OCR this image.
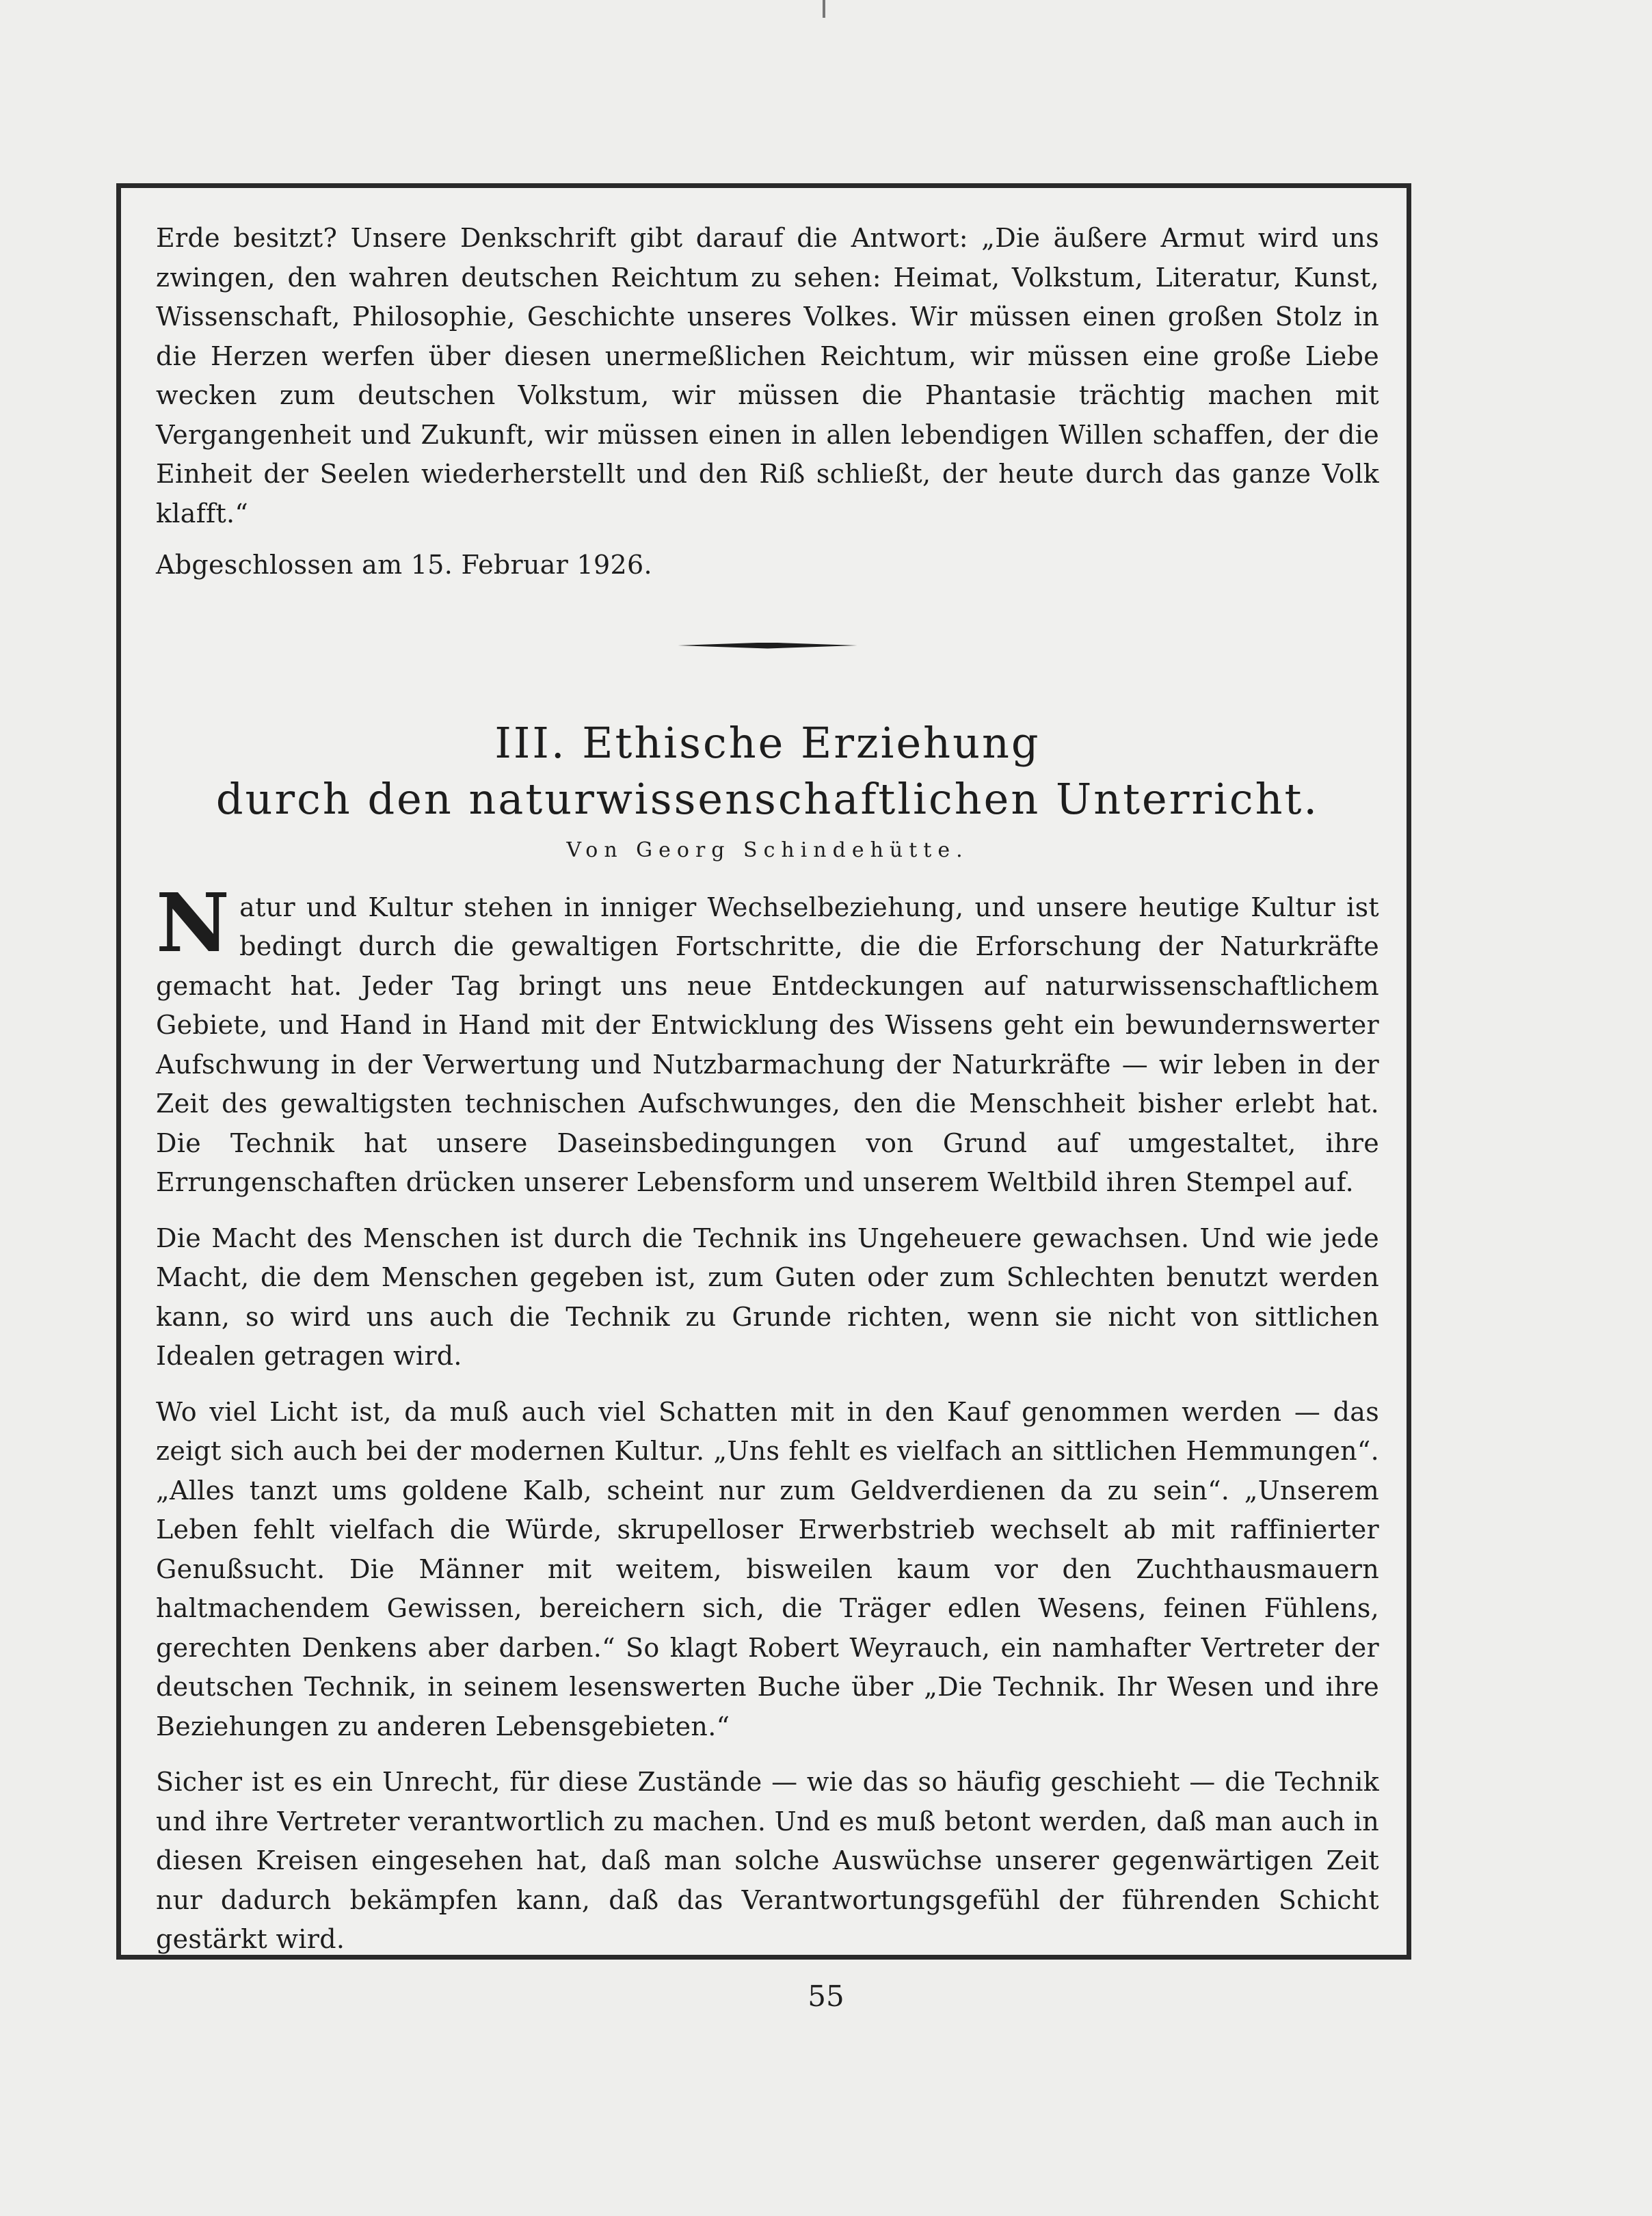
Erde besitzt? Unsere Denkschrift gibt darauf die Antwort: „Die äußere Armut wird uns zwingen, den wahren deutschen Reichtum zu sehen: Heimat, Volkstum, Literatur, Kunst, Wissenschaft, Philosophie, Geschichte unseres Volkes. Wir müssen einen großen Stolz in die Herzen werfen über diesen unermeßlichen Reichtum, wir müssen eine große Liebe wecken zum deutschen Volkstum, wir müssen die Phantasie trächtig machen mit Vergangenheit und Zukunft, wir müssen einen in allen lebendigen Willen schaffen, der die Einheit der Seelen wiederherstellt und den Riß schließt, der heute durch das ganze Volk klafft.“

Abgeschlossen am 15. Februar 1926.

III. Ethische Erziehung
durch den naturwissenschaftlichen Unterricht.
Von Georg Schindehütte.

Natur und Kultur stehen in inniger Wechselbeziehung, und unsere heutige Kultur ist bedingt durch die gewaltigen Fortschritte, die die Erforschung der Naturkräfte gemacht hat. Jeder Tag bringt uns neue Entdeckungen auf naturwissenschaftlichem Gebiete, und Hand in Hand mit der Entwicklung des Wissens geht ein bewundernswerter Aufschwung in der Verwertung und Nutzbarmachung der Naturkräfte — wir leben in der Zeit des gewaltigsten technischen Aufschwunges, den die Menschheit bisher erlebt hat. Die Technik hat unsere Daseinsbedingungen von Grund auf umgestaltet, ihre Errungenschaften drücken unserer Lebensform und unserem Weltbild ihren Stempel auf.

Die Macht des Menschen ist durch die Technik ins Ungeheuere gewachsen. Und wie jede Macht, die dem Menschen gegeben ist, zum Guten oder zum Schlechten benutzt werden kann, so wird uns auch die Technik zu Grunde richten, wenn sie nicht von sittlichen Idealen getragen wird.

Wo viel Licht ist, da muß auch viel Schatten mit in den Kauf genommen werden — das zeigt sich auch bei der modernen Kultur. „Uns fehlt es vielfach an sittlichen Hemmungen“. „Alles tanzt ums goldene Kalb, scheint nur zum Geldverdienen da zu sein“. „Unserem Leben fehlt vielfach die Würde, skrupelloser Erwerbstrieb wechselt ab mit raffinierter Genußsucht. Die Männer mit weitem, bisweilen kaum vor den Zuchthausmauern haltmachendem Gewissen, bereichern sich, die Träger edlen Wesens, feinen Fühlens, gerechten Denkens aber darben.“ So klagt Robert Weyrauch, ein namhafter Vertreter der deutschen Technik, in seinem lesenswerten Buche über „Die Technik. Ihr Wesen und ihre Beziehungen zu anderen Lebensgebieten.“

Sicher ist es ein Unrecht, für diese Zustände — wie das so häufig geschieht — die Technik und ihre Vertreter verantwortlich zu machen. Und es muß betont werden, daß man auch in diesen Kreisen eingesehen hat, daß man solche Auswüchse unserer gegenwärtigen Zeit nur dadurch bekämpfen kann, daß das Verantwortungsgefühl der führenden Schicht gestärkt wird.

55
